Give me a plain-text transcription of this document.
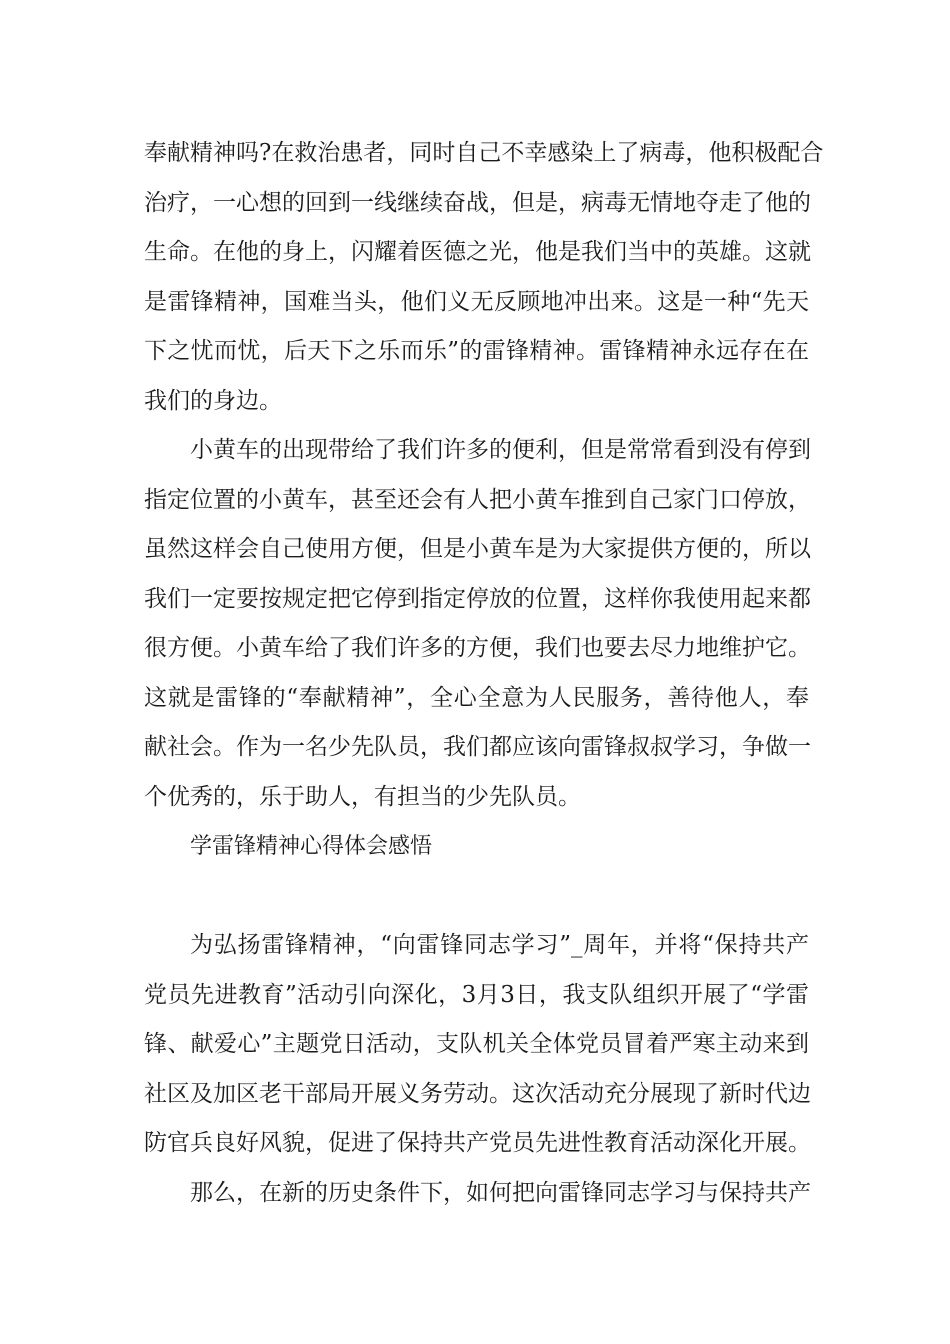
奉献精神吗?在救治患者，同时自己不幸感染上了病毒，他积极配合
治疗，一心想的回到一线继续奋战，但是，病毒无情地夺走了他的
生命。在他的身上，闪耀着医德之光，他是我们当中的英雄。这就
是雷锋精神，国难当头，他们义无反顾地冲出来。这是一种“先天
下之忧而忧，后天下之乐而乐”的雷锋精神。雷锋精神永远存在在
我们的身边。

小黄车的出现带给了我们许多的便利，但是常常看到没有停到
指定位置的小黄车，甚至还会有人把小黄车推到自己家门口停放，
虽然这样会自己使用方便，但是小黄车是为大家提供方便的，所以
我们一定要按规定把它停到指定停放的位置，这样你我使用起来都
很方便。小黄车给了我们许多的方便，我们也要去尽力地维护它。
这就是雷锋的“奉献精神”，全心全意为人民服务，善待他人，奉
献社会。作为一名少先队员，我们都应该向雷锋叔叔学习，争做一
个优秀的，乐于助人，有担当的少先队员。

学雷锋精神心得体会感悟

为弘扬雷锋精神，“向雷锋同志学习”_周年，并将“保持共产
党员先进教育”活动引向深化，3月3日，我支队组织开展了“学雷
锋、献爱心”主题党日活动，支队机关全体党员冒着严寒主动来到
社区及加区老干部局开展义务劳动。这次活动充分展现了新时代边
防官兵良好风貌，促进了保持共产党员先进性教育活动深化开展。

那么，在新的历史条件下，如何把向雷锋同志学习与保持共产
